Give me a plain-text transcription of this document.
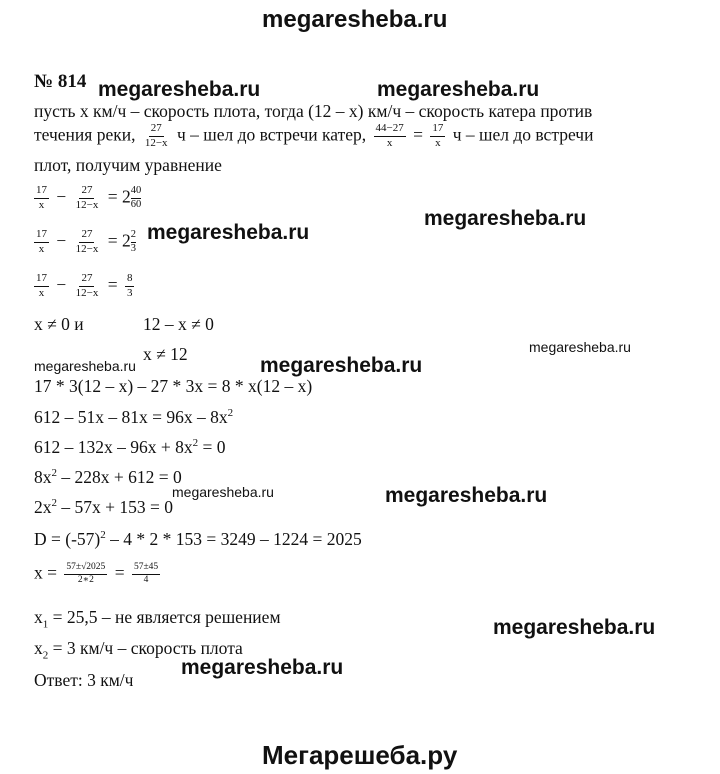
megaresheba.ru
megaresheba.ru	megaresheba.ru
megaresheba.ru
megaresheba.ru
megaresheba.ru
megaresheba.ru	megaresheba.ru
megaresheba.ru	megaresheba.ru
megaresheba.ru
megaresheba.ru
Мегарешеба.ру
№ 814
пусть x км/ч – скорость плота, тогда (12 – x) км/ч – скорость катера против
течения реки, $\frac{27}{12-x}$ ч – шел до встречи катер, $\frac{44-27}{x} = \frac{17}{x}$ ч – шел до встречи
плот, получим уравнение
$\frac{17}{x} - \frac{27}{12-x} = 2 \frac{40}{60}$
$\frac{17}{x} - \frac{27}{12-x} = 2 \frac{2}{3}$
$\frac{17}{x} - \frac{27}{12-x} = \frac{8}{3}$
x ≠ 0 и	12 – x ≠ 0
x ≠ 12
17 * 3(12 – x) – 27 * 3x = 8 * x(12 – x)
$612 - 51x - 81x = 96x - 8x^2$
$612 - 132x - 96x + 8x^2 = 0$
$8x^2 - 228x + 612 = 0$
$2x^2 - 57x + 153 = 0$
$D = (-57)^2 - 4 * 2 * 153 = 3249 - 1224 = 2025$
$x = \frac{57\pm√2025}{2∗2} = \frac{57\pm 45}{4}$
$x_1 = 25,5$ – не является решением
$x_2 = 3$ км/ч – скорость плота
Ответ: 3 км/ч
